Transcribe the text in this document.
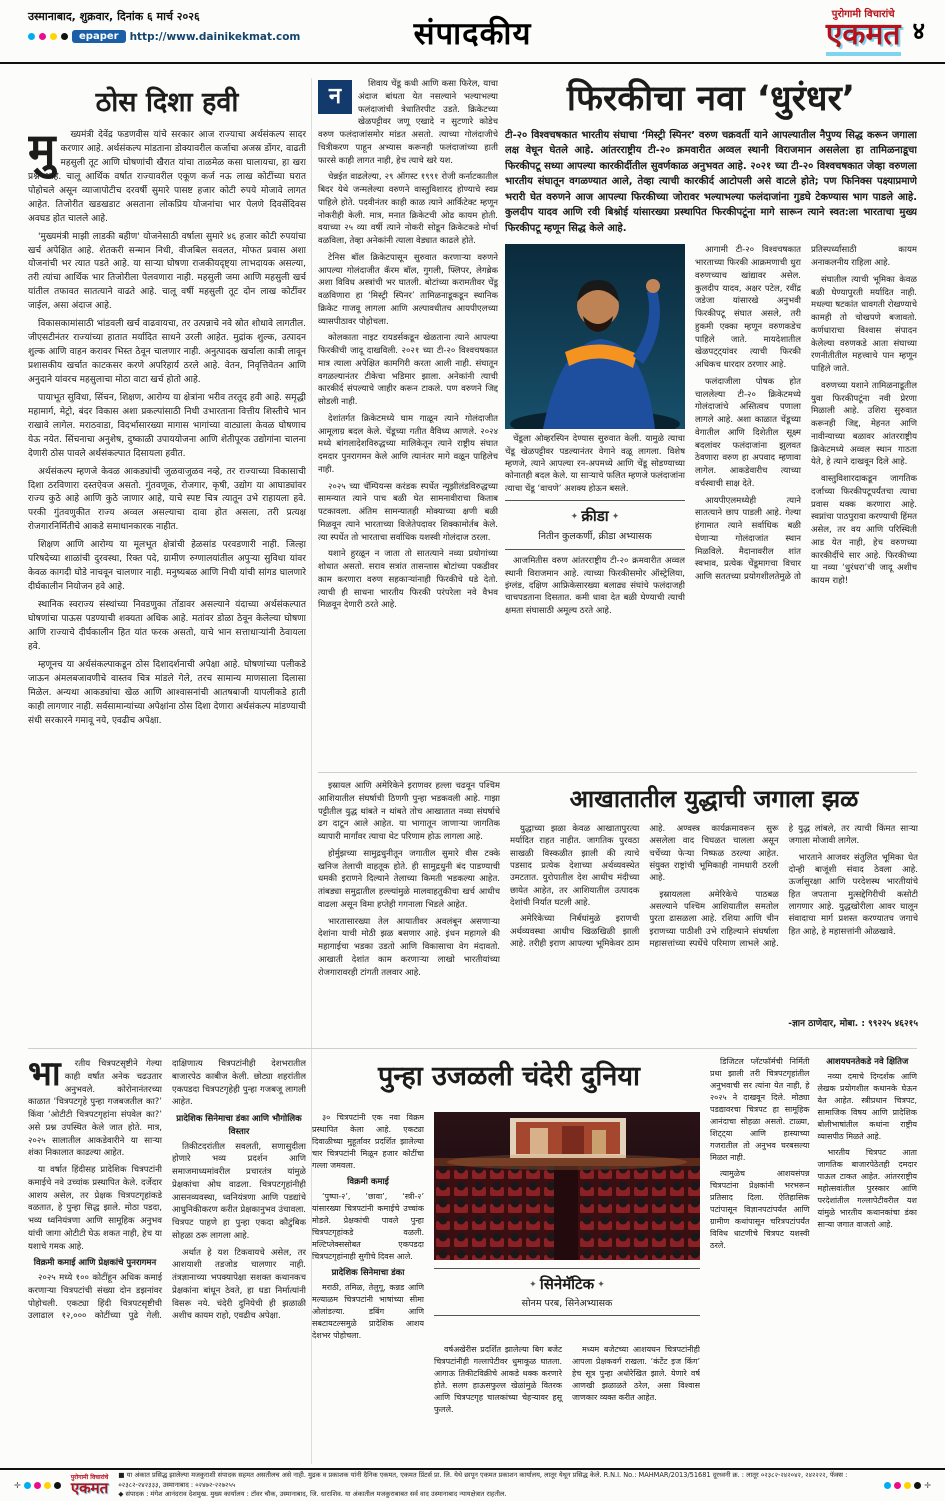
उस्मानाबाद, शुक्रवार, दिनांक ६ मार्च २०२६
epaper	http://www.dainikekmat.com	संपादकीय
पुरोगामी विचारांचे
एकमत ४
ठोस दिशा हवी
मु	ख्यमंत्री देवेंद्र फडणवीस यांचे सरकार आज राज्याचा अर्थसंकल्प सादर करणार आहे. अर्थसंकल्प मांडताना डोक्यावरील कर्जाचा अजस्र डोंगर, वाढती महसुली तूट आणि घोषणांची खैरात यांचा ताळमेळ कसा घालायचा, हा खरा प्रश्न आहे. चालू आर्थिक वर्षात राज्यावरील एकूण कर्ज नऊ लाख कोटींच्या घरात पोहोचले असून व्याजापोटीच दरवर्षी सुमारे पासष्ट हजार कोटी रुपये मोजावे लागत आहेत. तिजोरीत खडखडाट असताना लोकप्रिय योजनांचा भार पेलणे दिवसेंदिवस अवघड होत चालले आहे.

'मुख्यमंत्री माझी लाडकी बहीण' योजनेसाठी वर्षाला सुमारे ४६ हजार कोटी रुपयांचा खर्च अपेक्षित आहे. शेतकरी सन्मान निधी, वीजबिल सवलत, मोफत प्रवास अशा योजनांची भर त्यात पडते आहे. या साऱ्या घोषणा राजकीयदृष्ट्या लाभदायक असल्या, तरी त्यांचा आर्थिक भार तिजोरीला पेलवणारा नाही. महसुली जमा आणि महसुली खर्च यांतील तफावत सातत्याने वाढते आहे. चालू वर्षी महसुली तूट दोन लाख कोटींवर जाईल, असा अंदाज आहे.

विकासकामांसाठी भांडवली खर्च वाढवायचा, तर उत्पन्नाचे नवे स्रोत शोधावे लागतील. जीएसटीनंतर राज्यांच्या हातात मर्यादित साधने उरली आहेत. मुद्रांक शुल्क, उत्पादन शुल्क आणि वाहन करावर भिस्त ठेवून चालणार नाही. अनुत्पादक खर्चाला कात्री लावून प्रशासकीय खर्चात काटकसर करणे अपरिहार्य ठरले आहे. वेतन, निवृत्तिवेतन आणि अनुदाने यांवरच महसुलाचा मोठा वाटा खर्च होतो आहे.

पायाभूत सुविधा, सिंचन, शिक्षण, आरोग्य या क्षेत्रांना भरीव तरतूद हवी आहे. समृद्धी महामार्ग, मेट्रो, बंदर विकास अशा प्रकल्पांसाठी निधी उभारताना वित्तीय शिस्तीचे भान राखावे लागेल. मराठवाडा, विदर्भासारख्या मागास भागांच्या वाट्याला केवळ घोषणाच येऊ नयेत. सिंचनाचा अनुशेष, दुष्काळी उपाययोजना आणि शेतीपूरक उद्योगांना चालना देणारी ठोस पावले अर्थसंकल्पात दिसायला हवीत.

अर्थसंकल्प म्हणजे केवळ आकड्यांची जुळवाजुळव नव्हे, तर राज्याच्या विकासाची दिशा ठरविणारा दस्तऐवज असतो. गुंतवणूक, रोजगार, कृषी, उद्योग या आघाड्यांवर राज्य कुठे आहे आणि कुठे जाणार आहे, याचे स्पष्ट चित्र त्यातून उभे राहायला हवे. परकी गुंतवणुकीत राज्य अव्वल असल्याचा दावा होत असला, तरी प्रत्यक्ष रोजगारनिर्मितीचे आकडे समाधानकारक नाहीत.

शिक्षण आणि आरोग्य या मूलभूत क्षेत्रांची हेळसांड परवडणारी नाही. जिल्हा परिषदेच्या शाळांची दुरवस्था, रिक्त पदे, ग्रामीण रुग्णालयांतील अपुऱ्या सुविधा यांवर केवळ कागदी घोडे नाचवून चालणार नाही. मनुष्यबळ आणि निधी यांची सांगड घालणारे दीर्घकालीन नियोजन हवे आहे.

स्थानिक स्वराज्य संस्थांच्या निवडणुका तोंडावर असल्याने यंदाच्या अर्थसंकल्पात घोषणांचा पाऊस पडण्याची शक्यता अधिक आहे. मतांवर डोळा ठेवून केलेल्या घोषणा आणि राज्याचे दीर्घकालीन हित यांत फरक असतो, याचे भान सत्ताधाऱ्यांनी ठेवायला हवे.

म्हणूनच या अर्थसंकल्पाकडून ठोस दिशादर्शनाची अपेक्षा आहे. घोषणांच्या पलीकडे जाऊन अंमलबजावणीचे वास्तव चित्र मांडले गेले, तरच सामान्य माणसाला दिलासा मिळेल. अन्यथा आकड्यांचा खेळ आणि आश्वासनांची आतषबाजी यापलीकडे हाती काही लागणार नाही. सर्वसामान्यांच्या अपेक्षांना ठोस दिशा देणारा अर्थसंकल्प मांडण्याची संधी सरकारने गमावू नये, एवढीच अपेक्षा.

न	शिवाय चेंडू कधी आणि कसा फिरेल, याचा अंदाज बांधता येत नसल्याने भल्याभल्या फलंदाजांची त्रेधातिरपीट उडते. क्रिकेटच्या खेळपट्टीवर जणू एखादे न सुटणारे कोडेच वरुण फलंदाजांसमोर मांडत असतो. त्याच्या गोलंदाजीचे चित्रीकरण पाहून अभ्यास करूनही फलंदाजांच्या हाती फारसे काही लागत नाही, हेच त्याचे खरे यश.

चेन्नईत वाढलेल्या, २९ ऑगस्ट १९९१ रोजी कर्नाटकातील बिदर येथे जन्मलेल्या वरुणने वास्तुविशारद होण्याचे स्वप्न पाहिले होते. पदवीनंतर काही काळ त्याने आर्किटेक्ट म्हणून नोकरीही केली. मात्र, मनात क्रिकेटची ओढ कायम होती. वयाच्या २५ व्या वर्षी त्याने नोकरी सोडून क्रिकेटकडे मोर्चा वळविला, तेव्हा अनेकांनी त्याला वेड्यात काढले होते.

टेनिस बॉल क्रिकेटपासून सुरुवात करणाऱ्या वरुणने आपल्या गोलंदाजीत कॅरम बॉल, गुगली, फ्लिपर, लेगब्रेक अशा विविध अस्त्रांची भर घातली. बोटांच्या करामतीवर चेंडू वळविणारा हा ‘मिस्ट्री स्पिनर’ तामिळनाडूकडून स्थानिक क्रिकेट गाजवू लागला आणि अल्पावधीतच आयपीएलच्या व्यासपीठावर पोहोचला.

कोलकाता नाइट रायडर्सकडून खेळताना त्याने आपल्या फिरकीची जादू दाखविली. २०२१ च्या टी-२० विश्वचषकात मात्र त्याला अपेक्षित कामगिरी करता आली नाही. संघातून वगळल्यानंतर टीकेचा भडिमार झाला. अनेकांनी त्याची कारकीर्द संपल्याचे जाहीर करून टाकले. पण वरुणने जिद्द सोडली नाही.

देशांतर्गत क्रिकेटमध्ये घाम गाळून त्याने गोलंदाजीत आमूलाग्र बदल केले. चेंडूच्या गतीत वैविध्य आणले. २०२४ मध्ये बांगलादेशविरुद्धच्या मालिकेतून त्याने राष्ट्रीय संघात दमदार पुनरागमन केले आणि त्यानंतर मागे वळून पाहिलेच नाही.

२०२५ च्या चॅम्पियन्स करंडक स्पर्धेत न्यूझीलंडविरुद्धच्या सामन्यात त्याने पाच बळी घेत सामनावीराचा किताब पटकावला. अंतिम सामन्यातही मोक्याच्या क्षणी बळी मिळवून त्याने भारताच्या विजेतेपदावर शिक्कामोर्तब केले. त्या स्पर्धेत तो भारताचा सर्वाधिक यशस्वी गोलंदाज ठरला.

यशाने हुरळून न जाता तो सातत्याने नव्या प्रयोगांच्या शोधात असतो. सराव सत्रांत तासन्तास बोटांच्या पकडीवर काम करणारा वरुण सहकाऱ्यांनाही फिरकीचे धडे देतो. त्याची ही साधना भारतीय फिरकी परंपरेला नवे वैभव मिळवून देणारी ठरते आहे.

फिरकीचा नवा ‘धुरंधर’
टी-२० विश्वचषकात भारतीय संघाचा ‘मिस्ट्री स्पिनर’ वरुण चक्रवर्ती याने आपल्यातील नैपुण्य सिद्ध करून जगाला लक्ष वेधून घेतले आहे. आंतरराष्ट्रीय टी-२० क्रमवारीत अव्वल स्थानी विराजमान असलेला हा तामिळनाडूचा फिरकीपटू सध्या आपल्या कारकीर्दीतील सुवर्णकाळ अनुभवत आहे. २०२१ च्या टी-२० विश्वचषकात जेव्हा वरुणला भारतीय संघातून वगळण्यात आले, तेव्हा त्याची कारकीर्द आटोपली असे वाटले होते; पण फिनिक्स पक्ष्याप्रमाणे भरारी घेत वरुणने आज आपल्या फिरकीच्या जोरावर भल्याभल्या फलंदाजांना गुडघे टेकण्यास भाग पाडले आहे. कुलदीप यादव आणि रवी बिश्नोई यांसारख्या प्रस्थापित फिरकीपटूंना मागे सारून त्याने स्वत:ला भारताचा मुख्य फिरकीपटू म्हणून सिद्ध केले आहे.

चेंडूला ओव्हरस्पिन देण्यास सुरुवात केली. यामुळे त्याचा चेंडू खेळपट्टीवर पडल्यानंतर वेगाने वळू लागला. विशेष म्हणजे, त्याने आपल्या रन-अपमध्ये आणि चेंडू सोडण्याच्या कोनातही बदल केले. या साऱ्याचे फलित म्हणजे फलंदाजांना त्याचा चेंडू ‘वाचणे’ अशक्य होऊन बसले.

✦ क्रीडा ✦
नितीन कुलकर्णी, क्रीडा अभ्यासक

आजमितीस वरुण आंतरराष्ट्रीय टी-२० क्रमवारीत अव्वल स्थानी विराजमान आहे. त्याच्या फिरकीसमोर ऑस्ट्रेलिया, इंग्लंड, दक्षिण आफ्रिकेसारख्या बलाढ्य संघांचे फलंदाजही चाचपडताना दिसतात. कमी धावा देत बळी घेण्याची त्याची क्षमता संघासाठी अमूल्य ठरते आहे.

आगामी टी-२० विश्वचषकात भारताच्या फिरकी आक्रमणाची धुरा वरुणच्याच खांद्यावर असेल. कुलदीप यादव, अक्षर पटेल, रवींद्र जडेजा यांसारखे अनुभवी फिरकीपटू संघात असले, तरी हुकमी एक्का म्हणून वरुणकडेच पाहिले जाते. मायदेशातील खेळपट्ट्यांवर त्याची फिरकी अधिकच धारदार ठरणार आहे.

फलंदाजीला पोषक होत चाललेल्या टी-२० क्रिकेटमध्ये गोलंदाजांचे अस्तित्वच पणाला लागले आहे. अशा काळात चेंडूच्या वेगातील आणि दिशेतील सूक्ष्म बदलांवर फलंदाजांना झुलवत ठेवणारा वरुण हा अपवाद म्हणावा लागेल. आकडेवारीच त्याच्या वर्चस्वाची साक्ष देते.

आयपीएलमध्येही त्याने सातत्याने छाप पाडली आहे. गेल्या हंगामात त्याने सर्वाधिक बळी घेणाऱ्या गोलंदाजांत स्थान मिळविले. मैदानावरील शांत स्वभाव, प्रत्येक चेंडूमागचा विचार आणि सततच्या प्रयोगशीलतेमुळे तो प्रतिस्पर्ध्यांसाठी कायम अनाकलनीय राहिला आहे.

संघातील त्याची भूमिका केवळ बळी घेण्यापुरती मर्यादित नाही. मधल्या षटकांत धावगती रोखण्याचे कामही तो चोखपणे बजावतो. कर्णधाराचा विश्वास संपादन केलेल्या वरुणकडे आता संघाच्या रणनीतीतील महत्त्वाचे पान म्हणून पाहिले जाते.

वरुणच्या यशाने तामिळनाडूतील युवा फिरकीपटूंना नवी प्रेरणा मिळाली आहे. उशिरा सुरुवात करूनही जिद्द, मेहनत आणि नावीन्याच्या बळावर आंतरराष्ट्रीय क्रिकेटमध्ये अव्वल स्थान गाठता येते, हे त्याने दाखवून दिले आहे.

वास्तुविशारदाकडून जागतिक दर्जाच्या फिरकीपटूपर्यंतचा त्याचा प्रवास थक्क करणारा आहे. स्वप्नांचा पाठपुरावा करण्याची हिंमत असेल, तर वय आणि परिस्थिती आड येत नाही, हेच वरुणच्या कारकीर्दीचे सार आहे. फिरकीच्या या नव्या ‘धुरंधरा’ची जादू अशीच कायम राहो!

इस्रायल आणि अमेरिकेने इराणवर हल्ला चढवून पश्चिम आशियातील संघर्षाची ठिणगी पुन्हा भडकवली आहे. गाझा पट्टीतील युद्ध थांबते न थांबते तोच आखातात नव्या संघर्षाचे ढग दाटून आले आहेत. या भागातून जाणाऱ्या जागतिक व्यापारी मार्गांवर त्याचा थेट परिणाम होऊ लागला आहे.

होर्मुझच्या सामुद्रधुनीतून जगातील सुमारे वीस टक्के खनिज तेलाची वाहतूक होते. ही सामुद्रधुनी बंद पाडण्याची धमकी इराणने दिल्याने तेलाच्या किमती भडकल्या आहेत. तांबड्या समुद्रातील हल्ल्यांमुळे मालवाहतुकीचा खर्च आधीच वाढला असून विमा हप्तेही गगनाला भिडले आहेत.

भारतासारख्या तेल आयातीवर अवलंबून असणाऱ्या देशांना याची मोठी झळ बसणार आहे. इंधन महागले की महागाईचा भडका उडतो आणि विकासाचा वेग मंदावतो. आखाती देशांत काम करणाऱ्या लाखो भारतीयांच्या रोजगारावरही टांगती तलवार आहे.

आखातातील युद्धाची जगाला झळ

युद्धाच्या झळा केवळ आखातापुरत्या मर्यादित राहत नाहीत. जागतिक पुरवठा साखळी विस्कळीत झाली की त्याचे पडसाद प्रत्येक देशाच्या अर्थव्यवस्थेत उमटतात. युरोपातील देश आधीच मंदीच्या छायेत आहेत, तर आशियातील उत्पादक देशांची निर्यात घटली आहे.

अमेरिकेच्या निर्बंधांमुळे इराणची अर्थव्यवस्था आधीच खिळखिळी झाली आहे. तरीही इराण आपल्या भूमिकेवर ठाम आहे. अण्वस्त्र कार्यक्रमावरून सुरू असलेला वाद चिघळत चालला असून चर्चेच्या फेऱ्या निष्फळ ठरल्या आहेत. संयुक्त राष्ट्रांची भूमिकाही नामधारी ठरली आहे.

इस्रायलला अमेरिकेचे पाठबळ असल्याने पश्चिम आशियातील समतोल पुरता ढासळला आहे. रशिया आणि चीन इराणच्या पाठीशी उभे राहिल्याने संघर्षाला महासत्तांच्या स्पर्धेचे परिमाण लाभले आहे. हे युद्ध लांबले, तर त्याची किंमत साऱ्या जगाला मोजावी लागेल.

भारताने आजवर संतुलित भूमिका घेत दोन्ही बाजूंशी संवाद ठेवला आहे. ऊर्जासुरक्षा आणि परदेशस्थ भारतीयांचे हित जपताना मुत्सद्देगिरीची कसोटी लागणार आहे. युद्धखोरीला आवर घालून संवादाचा मार्ग प्रशस्त करण्यातच जगाचे हित आहे, हे महासत्तांनी ओळखावे.

-ज्ञान ठाणेदार, मोबा. : ९९२२५ ४६२१५
भा	रतीय चित्रपटसृष्टीने गेल्या काही वर्षांत अनेक चढउतार अनुभवले. कोरोनानंतरच्या काळात ‘चित्रपटगृहे पुन्हा गजबजतील का?’ किंवा ‘ओटीटी चित्रपटगृहांना संपवेल का?’ असे प्रश्न उपस्थित केले जात होते. मात्र, २०२५ सालातील आकडेवारीने या साऱ्या शंका निकालात काढल्या आहेत.

या वर्षात हिंदीसह प्रादेशिक चित्रपटांनी कमाईचे नवे उच्चांक प्रस्थापित केले. दर्जेदार आशय असेल, तर प्रेक्षक चित्रपटगृहांकडे वळतात, हे पुन्हा सिद्ध झाले. मोठा पडदा, भव्य ध्वनियंत्रणा आणि सामूहिक अनुभव यांची जागा ओटीटी घेऊ शकत नाही, हेच या यशाचे गमक आहे.

विक्रमी कमाई आणि प्रेक्षकांचे पुनरागमन

२०२५ मध्ये १०० कोटींहून अधिक कमाई करणाऱ्या चित्रपटांची संख्या दोन डझनांवर पोहोचली. एकट्या हिंदी चित्रपटसृष्टीची उलाढाल १२,००० कोटींच्या पुढे गेली. दाक्षिणात्य चित्रपटांनीही देशभरातील बाजारपेठ काबीज केली. छोट्या शहरांतील एकपडदा चित्रपटगृहेही पुन्हा गजबजू लागली आहेत.

प्रादेशिक सिनेमाचा डंका आणि भौगोलिक विस्तार

तिकीटदरांतील सवलती, सणासुदीला होणारे भव्य प्रदर्शन आणि समाजमाध्यमांवरील प्रचारतंत्र यांमुळे प्रेक्षकांचा ओघ वाढला. चित्रपटगृहांनीही आसनव्यवस्था, ध्वनियंत्रणा आणि पडद्यांचे आधुनिकीकरण करीत प्रेक्षकानुभव उंचावला. चित्रपट पाहणे हा पुन्हा एकदा कौटुंबिक सोहळा ठरू लागला आहे.

अर्थात हे यश टिकवायचे असेल, तर आशयाशी तडजोड चालणार नाही. तंत्रज्ञानाच्या भपक्यापेक्षा सशक्त कथानकच प्रेक्षकांना बांधून ठेवते, हा धडा निर्मात्यांनी विसरू नये. चंदेरी दुनियेची ही झळाळी अशीच कायम राहो, एवढीच अपेक्षा.

पुन्हा उजळली चंदेरी दुनिया	डिजिटल प्लॅटफॉर्मची निर्मिती प्रथा झाली तरी चित्रपटगृहांतील अनुभवाची सर त्यांना येत नाही, हे २०२५ ने दाखवून दिले. मोठ्या पडद्यावरचा चित्रपट हा सामूहिक आनंदाचा सोहळा असतो. टाळ्या, शिट्ट्या आणि हास्याच्या गजरातील तो अनुभव घरबसल्या मिळत नाही.

त्यामुळेच आशयसंपन्न चित्रपटांना प्रेक्षकांनी भरभरून प्रतिसाद दिला. ऐतिहासिक पटांपासून विज्ञानपटांपर्यंत आणि ग्रामीण कथांपासून चरित्रपटांपर्यंत विविध धाटणीचे चित्रपट यशस्वी ठरले.

आशयघनतेकडे नवे क्षितिज

नव्या दमाचे दिग्दर्शक आणि लेखक प्रयोगशील कथानके घेऊन येत आहेत. स्त्रीप्रधान चित्रपट, सामाजिक विषय आणि प्रादेशिक बोलीभाषांतील कथांना राष्ट्रीय व्यासपीठ मिळते आहे.

भारतीय चित्रपट आता जागतिक बाजारपेठेतही दमदार पाऊल टाकत आहेत. आंतरराष्ट्रीय महोत्सवांतील पुरस्कार आणि परदेशांतील गल्लापेटीवरील यश यांमुळे भारतीय कथानकांचा डंका साऱ्या जगात वाजतो आहे.

३० चित्रपटांनी एक नवा विक्रम प्रस्थापित केला आहे. एकट्या दिवाळीच्या मुहूर्तावर प्रदर्शित झालेल्या चार चित्रपटांनी मिळून हजार कोटींचा गल्ला जमवला.

विक्रमी कमाई

‘पुष्पा-२’, ‘छावा’, ‘स्त्री-२’ यांसारख्या चित्रपटांनी कमाईचे उच्चांक मोडले. प्रेक्षकांची पावले पुन्हा चित्रपटगृहांकडे वळली. मल्टिप्लेक्ससोबत एकपडदा चित्रपटगृहांनाही सुगीचे दिवस आले.

प्रादेशिक सिनेमाचा डंका

मराठी, तमिळ, तेलुगू, कन्नड आणि मल्याळम चित्रपटांनी भाषांच्या सीमा ओलांडल्या. डबिंग आणि सबटायटल्समुळे प्रादेशिक आशय देशभर पोहोचला.

✦ सिनेमॅटिक ✦
सोनम परब, सिनेअभ्यासक

वर्षअखेरीस प्रदर्शित झालेल्या बिग बजेट चित्रपटांनीही गल्लापेटीवर धुमाकूळ घातला. आगाऊ तिकीटविक्रीचे आकडे थक्क करणारे होते. सलग हाऊसफुल्ल खेळांमुळे वितरक आणि चित्रपटगृह चालकांच्या चेहऱ्यावर हसू फुलले.

मध्यम बजेटच्या आशयघन चित्रपटांनीही आपला प्रेक्षकवर्ग राखला. ‘कंटेंट इज किंग’ हेच सूत्र पुन्हा अधोरेखित झाले. येणारे वर्ष आणखी झळाळते ठरेल, असा विश्वास जाणकार व्यक्त करीत आहेत.

✛
पुरोगामी विचारांचे
एकमत
■ या अंकात प्रसिद्ध झालेल्या मजकुराशी संपादक सहमत असतीलच असे नाही. मुद्रक व प्रकाशक यांनी दैनिक एकमत, एकमत प्रिंटर्स प्रा. लि. येथे छापून एकमत प्रकाशन कार्यालय, लातूर येथून प्रसिद्ध केले. R.N.I. No.: MAHMAR/2013/51681 दूरध्वनी क्र. : लातूर ०२३८२-२४२०४२, २४२२२२, फॅक्स : ०२३८२-२४२३३३, उस्मानाबाद : ०२४७२-२२७२५५
◆ संपादक : मंगेश आनंदराव देशमुख. मुख्य कार्यालय : टॉवर चौक, उस्मानाबाद, जि. धाराशिव. या अंकातील मजकुराबाबत सर्व वाद उस्मानाबाद न्यायक्षेत्रात राहतील.
✛
